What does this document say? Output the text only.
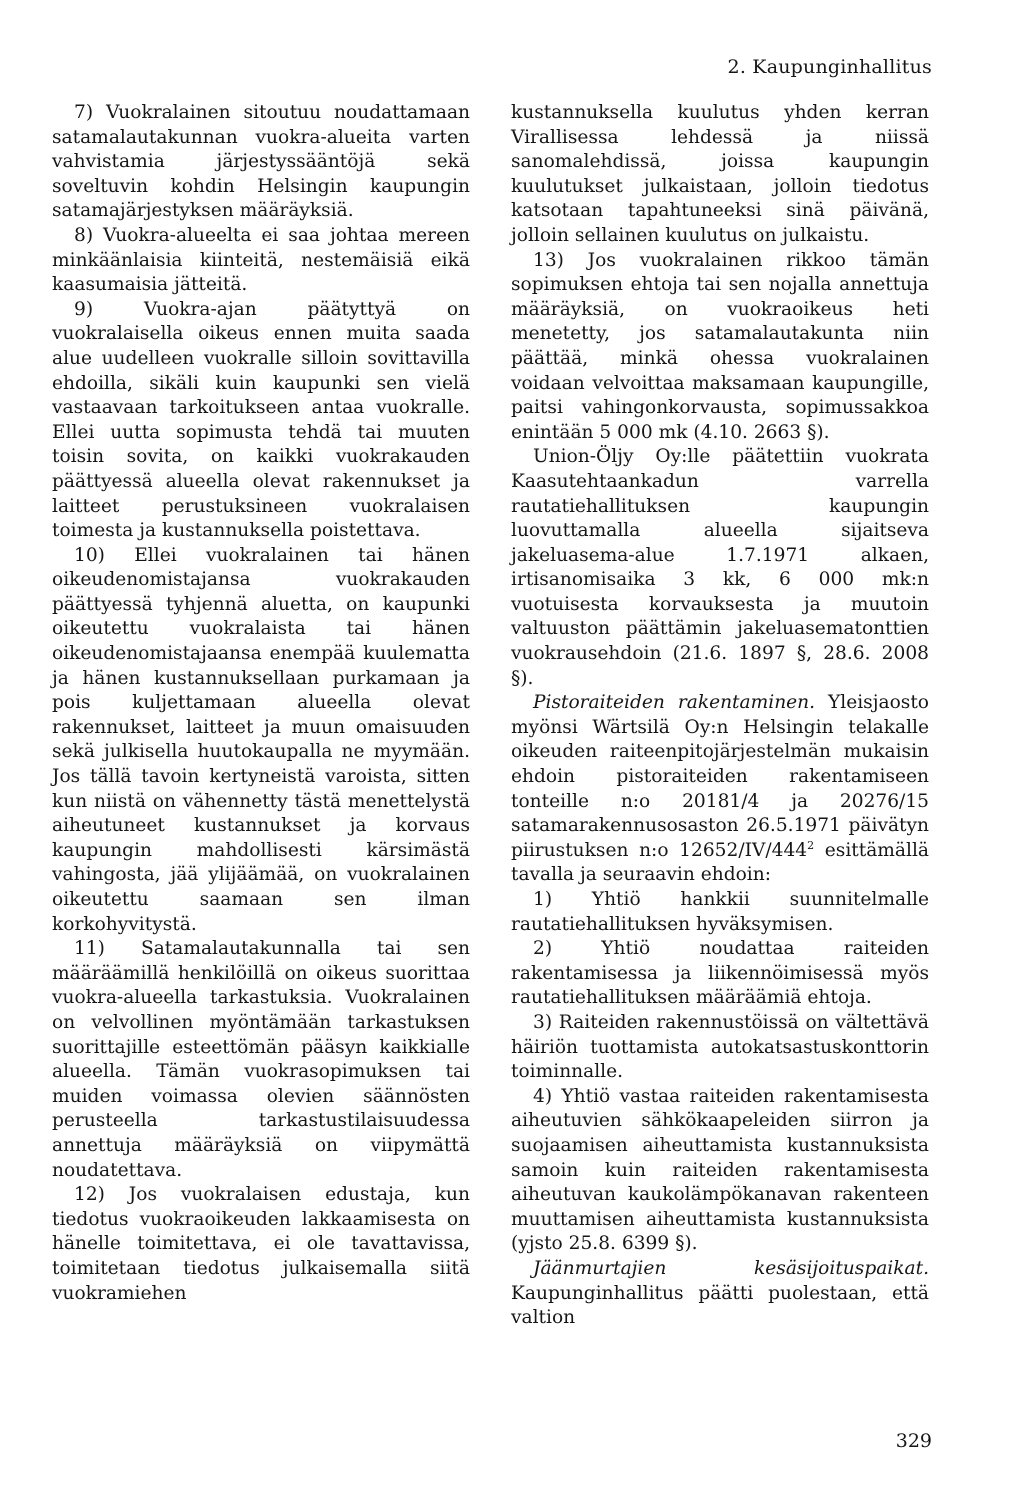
2. Kaupunginhallitus

7) Vuokralainen sitoutuu noudattamaan satamalautakunnan vuokra-alueita varten vahvistamia järjestyssääntöjä sekä soveltuvin kohdin Helsingin kaupungin satamajärjestyksen määräyksiä.

8) Vuokra-alueelta ei saa johtaa mereen minkäänlaisia kiinteitä, nestemäisiä eikä kaasumaisia jätteitä.

9) Vuokra-ajan päätyttyä on vuokralaisella oikeus ennen muita saada alue uudelleen vuokralle silloin sovittavilla ehdoilla, sikäli kuin kaupunki sen vielä vastaavaan tarkoitukseen antaa vuokralle. Ellei uutta sopimusta tehdä tai muuten toisin sovita, on kaikki vuokrakauden päättyessä alueella olevat rakennukset ja laitteet perustuksineen vuokralaisen toimesta ja kustannuksella poistettava.

10) Ellei vuokralainen tai hänen oikeudenomistajansa vuokrakauden päättyessä tyhjennä aluetta, on kaupunki oikeutettu vuokralaista tai hänen oikeudenomistajaansa enempää kuulematta ja hänen kustannuksellaan purkamaan ja pois kuljettamaan alueella olevat rakennukset, laitteet ja muun omaisuuden sekä julkisella huutokaupalla ne myymään. Jos tällä tavoin kertyneistä varoista, sitten kun niistä on vähennetty tästä menettelystä aiheutuneet kustannukset ja korvaus kaupungin mahdollisesti kärsimästä vahingosta, jää ylijäämää, on vuokralainen oikeutettu saamaan sen ilman korkohyvitystä.

11) Satamalautakunnalla tai sen määräämillä henkilöillä on oikeus suorittaa vuokra-alueella tarkastuksia. Vuokralainen on velvollinen myöntämään tarkastuksen suorittajille esteettömän pääsyn kaikkialle alueella. Tämän vuokrasopimuksen tai muiden voimassa olevien säännösten perusteella tarkastustilaisuudessa annettuja määräyksiä on viipymättä noudatettava.

12) Jos vuokralaisen edustaja, kun tiedotus vuokraoikeuden lakkaamisesta on hänelle toimitettava, ei ole tavattavissa, toimitetaan tiedotus julkaisemalla siitä vuokramiehen

kustannuksella kuulutus yhden kerran Virallisessa lehdessä ja niissä sanomalehdissä, joissa kaupungin kuulutukset julkaistaan, jolloin tiedotus katsotaan tapahtuneeksi sinä päivänä, jolloin sellainen kuulutus on julkaistu.

13) Jos vuokralainen rikkoo tämän sopimuksen ehtoja tai sen nojalla annettuja määräyksiä, on vuokraoikeus heti menetetty, jos satamalautakunta niin päättää, minkä ohessa vuokralainen voidaan velvoittaa maksamaan kaupungille, paitsi vahingonkorvausta, sopimussakkoa enintään 5 000 mk (4.10. 2663 §).

Union-Öljy Oy:lle päätettiin vuokrata Kaasutehtaankadun varrella rautatiehallituksen kaupungin luovuttamalla alueella sijaitseva jakeluasema-alue 1.7.1971 alkaen, irtisanomisaika 3 kk, 6 000 mk:n vuotuisesta korvauksesta ja muutoin valtuuston päättämin jakeluasematonttien vuokrausehdoin (21.6. 1897 §, 28.6. 2008 §).

Pistoraiteiden rakentaminen. Yleisjaosto myönsi Wärtsilä Oy:n Helsingin telakalle oikeuden raiteenpitojärjestelmän mukaisin ehdoin pistoraiteiden rakentamiseen tonteille n:o 20181/4 ja 20276/15 satamarakennusosaston 26.5.1971 päivätyn piirustuksen n:o $12652/IV/444^2$ esittämällä tavalla ja seuraavin ehdoin:

1) Yhtiö hankkii suunnitelmalle rautatiehallituksen hyväksymisen.

2) Yhtiö noudattaa raiteiden rakentamisessa ja liikennöimisessä myös rautatiehallituksen määräämiä ehtoja.

3) Raiteiden rakennustöissä on vältettävä häiriön tuottamista autokatsastuskonttorin toiminnalle.

4) Yhtiö vastaa raiteiden rakentamisesta aiheutuvien sähkökaapeleiden siirron ja suojaamisen aiheuttamista kustannuksista samoin kuin raiteiden rakentamisesta aiheutuvan kaukolämpökanavan rakenteen muuttamisen aiheuttamista kustannuksista (yjsto 25.8. 6399 §).

Jäänmurtajien kesäsijoituspaikat. Kaupunginhallitus päätti puolestaan, että valtion

329
